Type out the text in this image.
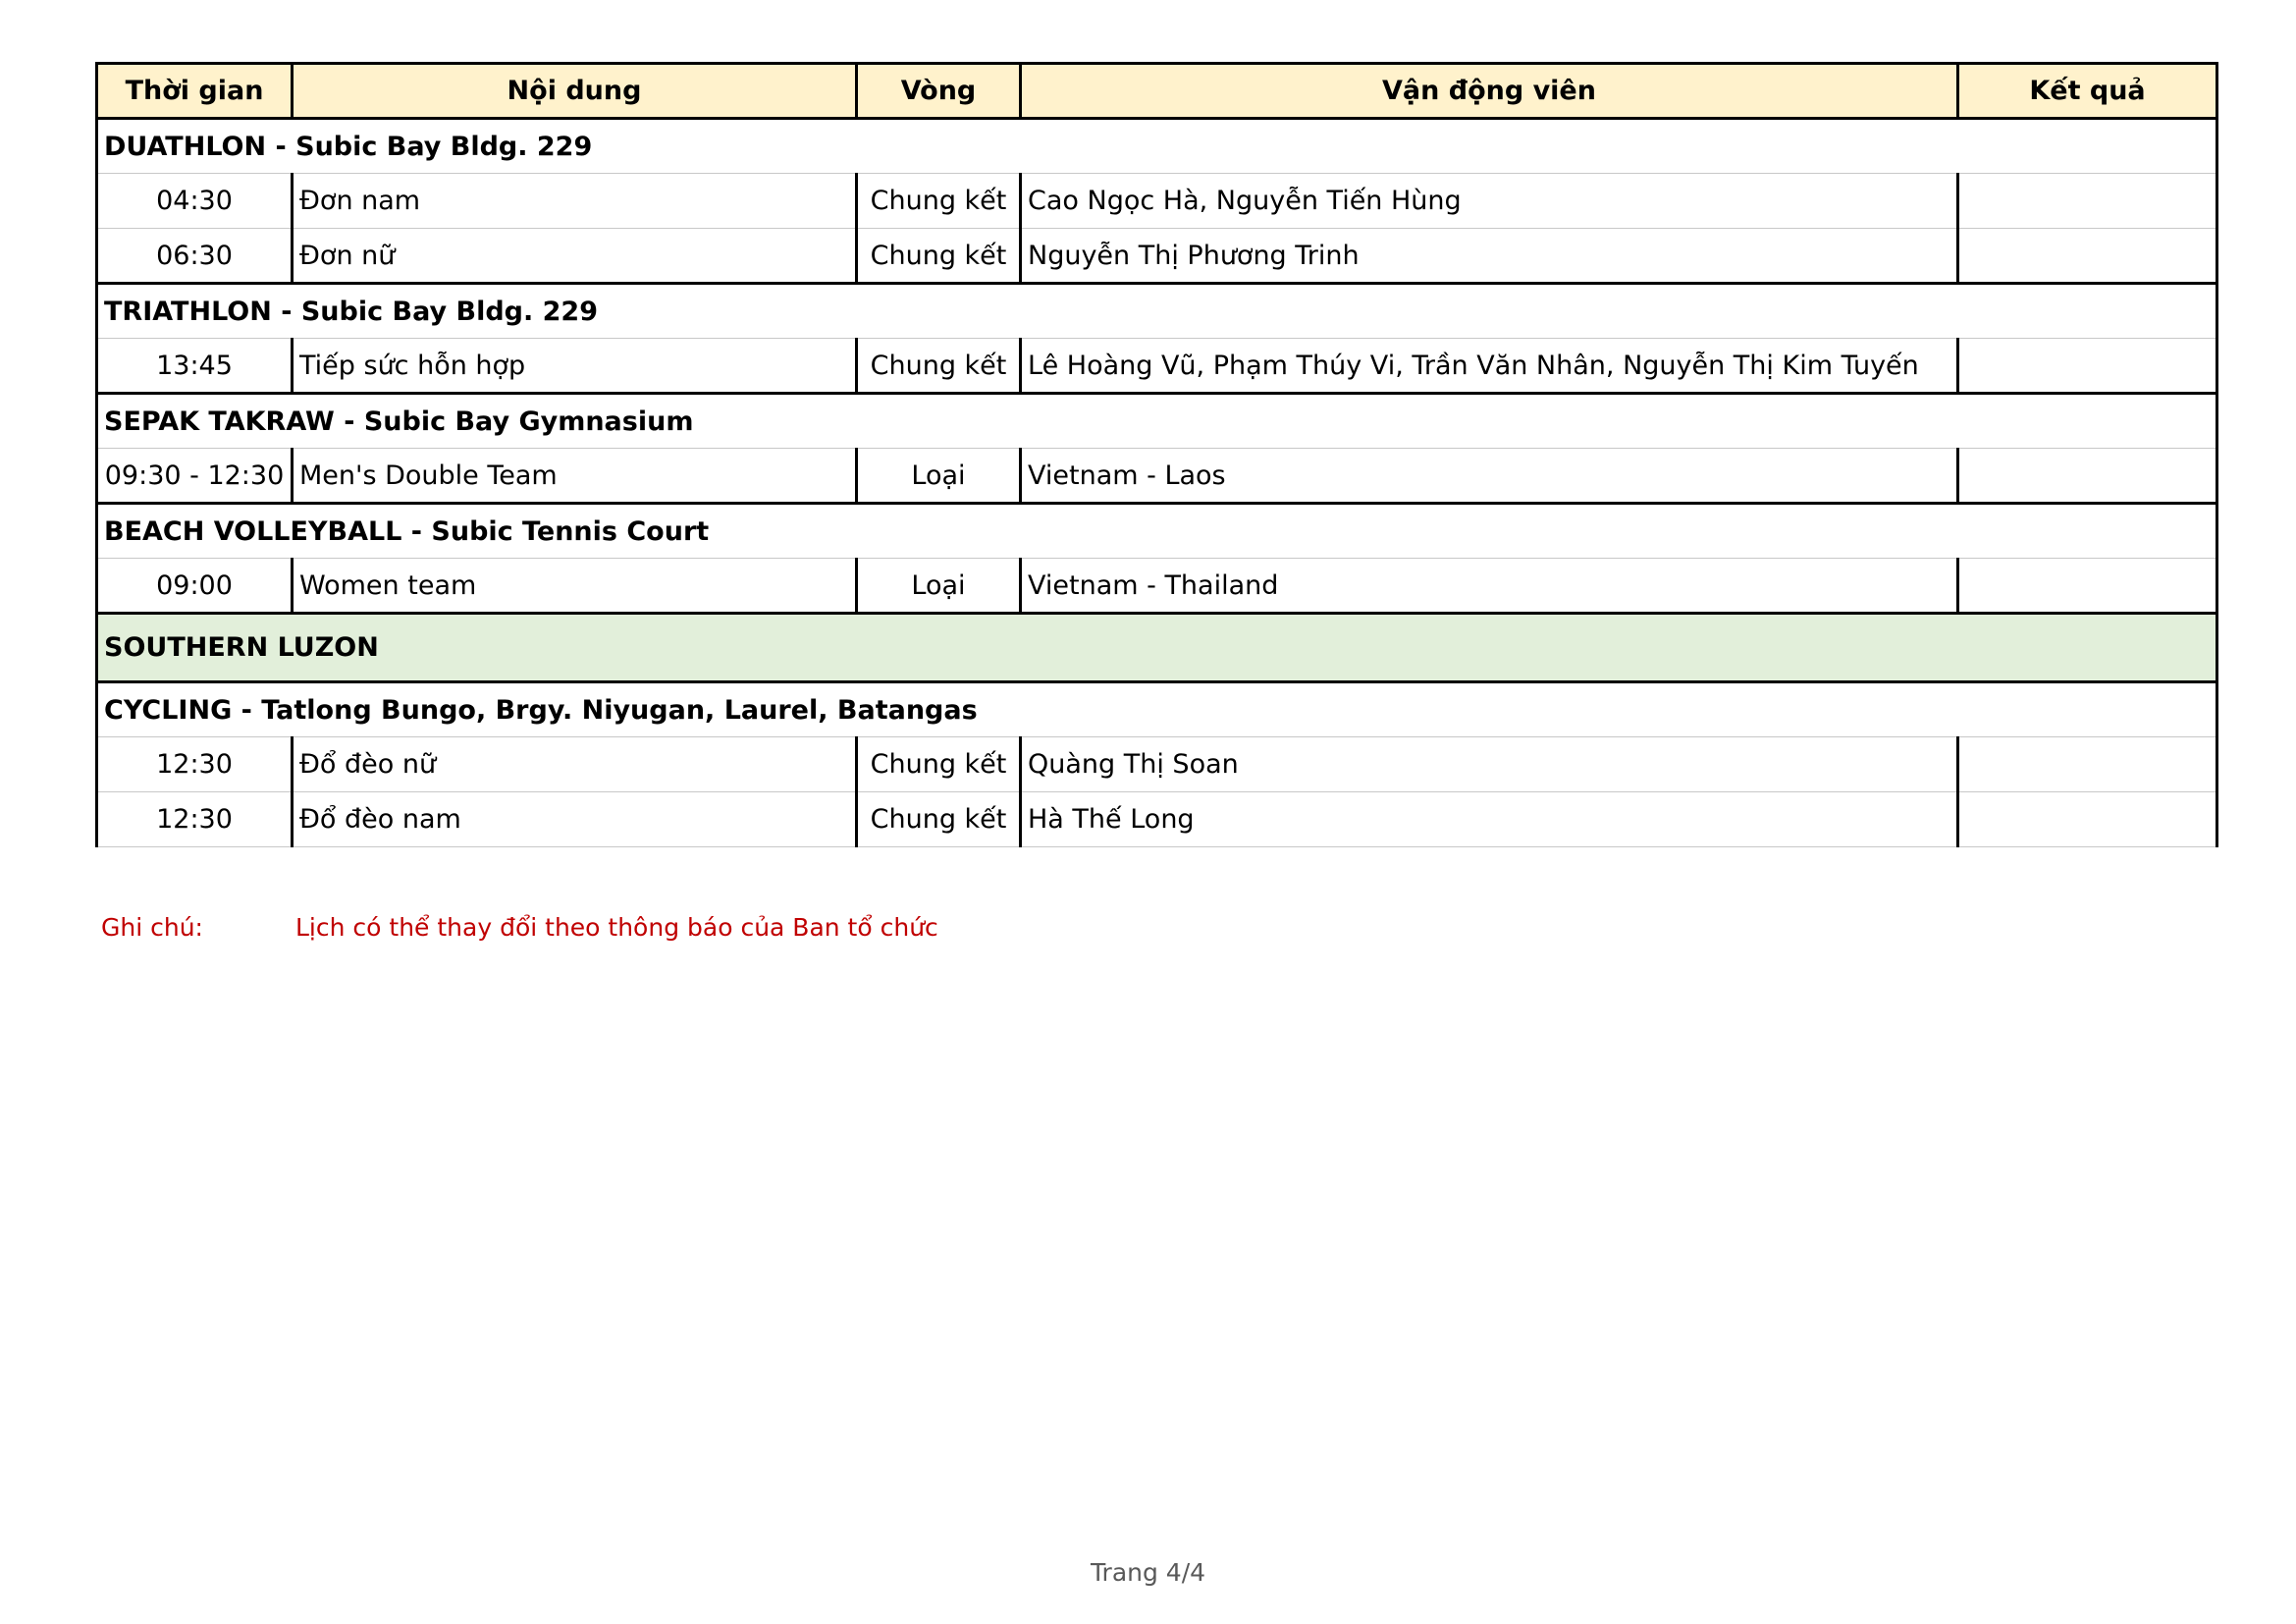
Thời gian	Nội dung	Vòng	Vận động viên	Kết quả
DUATHLON - Subic Bay Bldg. 229				
04:30	Đơn nam	Chung kết	Cao Ngọc Hà, Nguyễn Tiến Hùng	
06:30	Đơn nữ	Chung kết	Nguyễn Thị Phương Trinh	
TRIATHLON - Subic Bay Bldg. 229				
13:45	Tiếp sức hỗn hợp	Chung kết	Lê Hoàng Vũ, Phạm Thúy Vi, Trần Văn Nhân, Nguyễn Thị Kim Tuyến	
SEPAK TAKRAW - Subic Bay Gymnasium				
09:30 - 12:30	Men's Double Team	Loại	Vietnam - Laos	
BEACH VOLLEYBALL - Subic Tennis Court				
09:00	Women team	Loại	Vietnam - Thailand	
SOUTHERN LUZON				
CYCLING - Tatlong Bungo, Brgy. Niyugan, Laurel, Batangas				
12:30	Đổ đèo nữ	Chung kết	Quàng Thị Soan	
12:30	Đổ đèo nam	Chung kết	Hà Thế Long	
Ghi chú:	Lịch có thể thay đổi theo thông báo của Ban tổ chức
Trang 4/4
